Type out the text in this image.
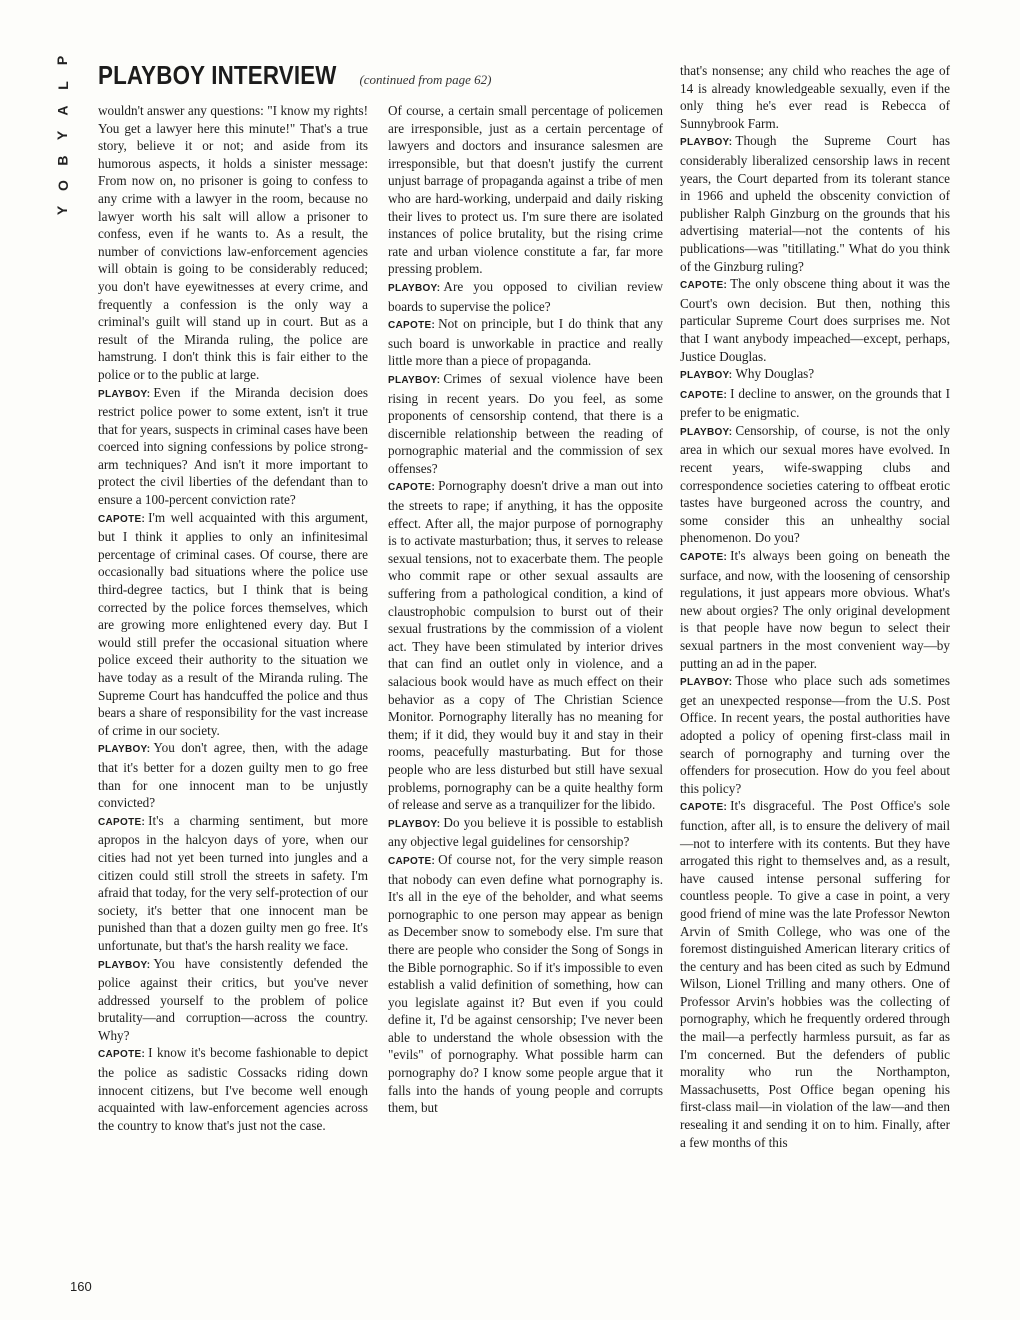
P
L
A
Y
B
O
Y
PLAYBOY INTERVIEW (continued from page 62)

wouldn't answer any questions: "I know my rights! You get a lawyer here this minute!" That's a true story, believe it or not; and aside from its humorous aspects, it holds a sinister message: From now on, no prisoner is going to confess to any crime with a lawyer in the room, because no lawyer worth his salt will allow a prisoner to confess, even if he wants to. As a result, the number of convictions law-enforcement agencies will obtain is going to be considerably reduced; you don't have eyewitnesses at every crime, and frequently a confession is the only way a criminal's guilt will stand up in court. But as a result of the Miranda ruling, the police are hamstrung. I don't think this is fair either to the police or to the public at large.

PLAYBOY: Even if the Miranda decision does restrict police power to some extent, isn't it true that for years, suspects in criminal cases have been coerced into signing confessions by police strong-arm techniques? And isn't it more important to protect the civil liberties of the defendant than to ensure a 100-percent conviction rate?

CAPOTE: I'm well acquainted with this argument, but I think it applies to only an infinitesimal percentage of criminal cases. Of course, there are occasionally bad situations where the police use third-degree tactics, but I think that is being corrected by the police forces themselves, which are growing more enlightened every day. But I would still prefer the occasional situation where police exceed their authority to the situation we have today as a result of the Miranda ruling. The Supreme Court has handcuffed the police and thus bears a share of responsibility for the vast increase of crime in our society.

PLAYBOY: You don't agree, then, with the adage that it's better for a dozen guilty men to go free than for one innocent man to be unjustly convicted?

CAPOTE: It's a charming sentiment, but more apropos in the halcyon days of yore, when our cities had not yet been turned into jungles and a citizen could still stroll the streets in safety. I'm afraid that today, for the very self-protection of our society, it's better that one innocent man be punished than that a dozen guilty men go free. It's unfortunate, but that's the harsh reality we face.

PLAYBOY: You have consistently defended the police against their critics, but you've never addressed yourself to the problem of police brutality—and corruption—across the country. Why?

CAPOTE: I know it's become fashionable to depict the police as sadistic Cossacks riding down innocent citizens, but I've become well enough acquainted with law-enforcement agencies across the country to know that's just not the case.

Of course, a certain small percentage of policemen are irresponsible, just as a certain percentage of lawyers and doctors and insurance salesmen are irresponsible, but that doesn't justify the current unjust barrage of propaganda against a tribe of men who are hard-working, underpaid and daily risking their lives to protect us. I'm sure there are isolated instances of police brutality, but the rising crime rate and urban violence constitute a far, far more pressing problem.

PLAYBOY: Are you opposed to civilian review boards to supervise the police?

CAPOTE: Not on principle, but I do think that any such board is unworkable in practice and really little more than a piece of propaganda.

PLAYBOY: Crimes of sexual violence have been rising in recent years. Do you feel, as some proponents of censorship contend, that there is a discernible relationship between the reading of pornographic material and the commission of sex offenses?

CAPOTE: Pornography doesn't drive a man out into the streets to rape; if anything, it has the opposite effect. After all, the major purpose of pornography is to activate masturbation; thus, it serves to release sexual tensions, not to exacerbate them. The people who commit rape or other sexual assaults are suffering from a pathological condition, a kind of claustrophobic compulsion to burst out of their sexual frustrations by the commission of a violent act. They have been stimulated by interior drives that can find an outlet only in violence, and a salacious book would have as much effect on their behavior as a copy of The Christian Science Monitor. Pornography literally has no meaning for them; if it did, they would buy it and stay in their rooms, peacefully masturbating. But for those people who are less disturbed but still have sexual problems, pornography can be a quite healthy form of release and serve as a tranquilizer for the libido.

PLAYBOY: Do you believe it is possible to establish any objective legal guidelines for censorship?

CAPOTE: Of course not, for the very simple reason that nobody can even define what pornography is. It's all in the eye of the beholder, and what seems pornographic to one person may appear as benign as December snow to somebody else. I'm sure that there are people who consider the Song of Songs in the Bible pornographic. So if it's impossible to even establish a valid definition of something, how can you legislate against it? But even if you could define it, I'd be against censorship; I've never been able to understand the whole obsession with the "evils" of pornography. What possible harm can pornography do? I know some people argue that it falls into the hands of young people and corrupts them, but

that's nonsense; any child who reaches the age of 14 is already knowledgeable sexually, even if the only thing he's ever read is Rebecca of Sunnybrook Farm.

PLAYBOY: Though the Supreme Court has considerably liberalized censorship laws in recent years, the Court departed from its tolerant stance in 1966 and upheld the obscenity conviction of publisher Ralph Ginzburg on the grounds that his advertising material—not the contents of his publications—was "titillating." What do you think of the Ginzburg ruling?

CAPOTE: The only obscene thing about it was the Court's own decision. But then, nothing this particular Supreme Court does surprises me. Not that I want anybody impeached—except, perhaps, Justice Douglas.

PLAYBOY: Why Douglas?

CAPOTE: I decline to answer, on the grounds that I prefer to be enigmatic.

PLAYBOY: Censorship, of course, is not the only area in which our sexual mores have evolved. In recent years, wife-swapping clubs and correspondence societies catering to offbeat erotic tastes have burgeoned across the country, and some consider this an unhealthy social phenomenon. Do you?

CAPOTE: It's always been going on beneath the surface, and now, with the loosening of censorship regulations, it just appears more obvious. What's new about orgies? The only original development is that people have now begun to select their sexual partners in the most convenient way—by putting an ad in the paper.

PLAYBOY: Those who place such ads sometimes get an unexpected response—from the U.S. Post Office. In recent years, the postal authorities have adopted a policy of opening first-class mail in search of pornography and turning over the offenders for prosecution. How do you feel about this policy?

CAPOTE: It's disgraceful. The Post Office's sole function, after all, is to ensure the delivery of mail—not to interfere with its contents. But they have arrogated this right to themselves and, as a result, have caused intense personal suffering for countless people. To give a case in point, a very good friend of mine was the late Professor Newton Arvin of Smith College, who was one of the foremost distinguished American literary critics of the century and has been cited as such by Edmund Wilson, Lionel Trilling and many others. One of Professor Arvin's hobbies was the collecting of pornography, which he frequently ordered through the mail—a perfectly harmless pursuit, as far as I'm concerned. But the defenders of public morality who run the Northampton, Massachusetts, Post Office began opening his first-class mail—in violation of the law—and then resealing it and sending it on to him. Finally, after a few months of this

160
